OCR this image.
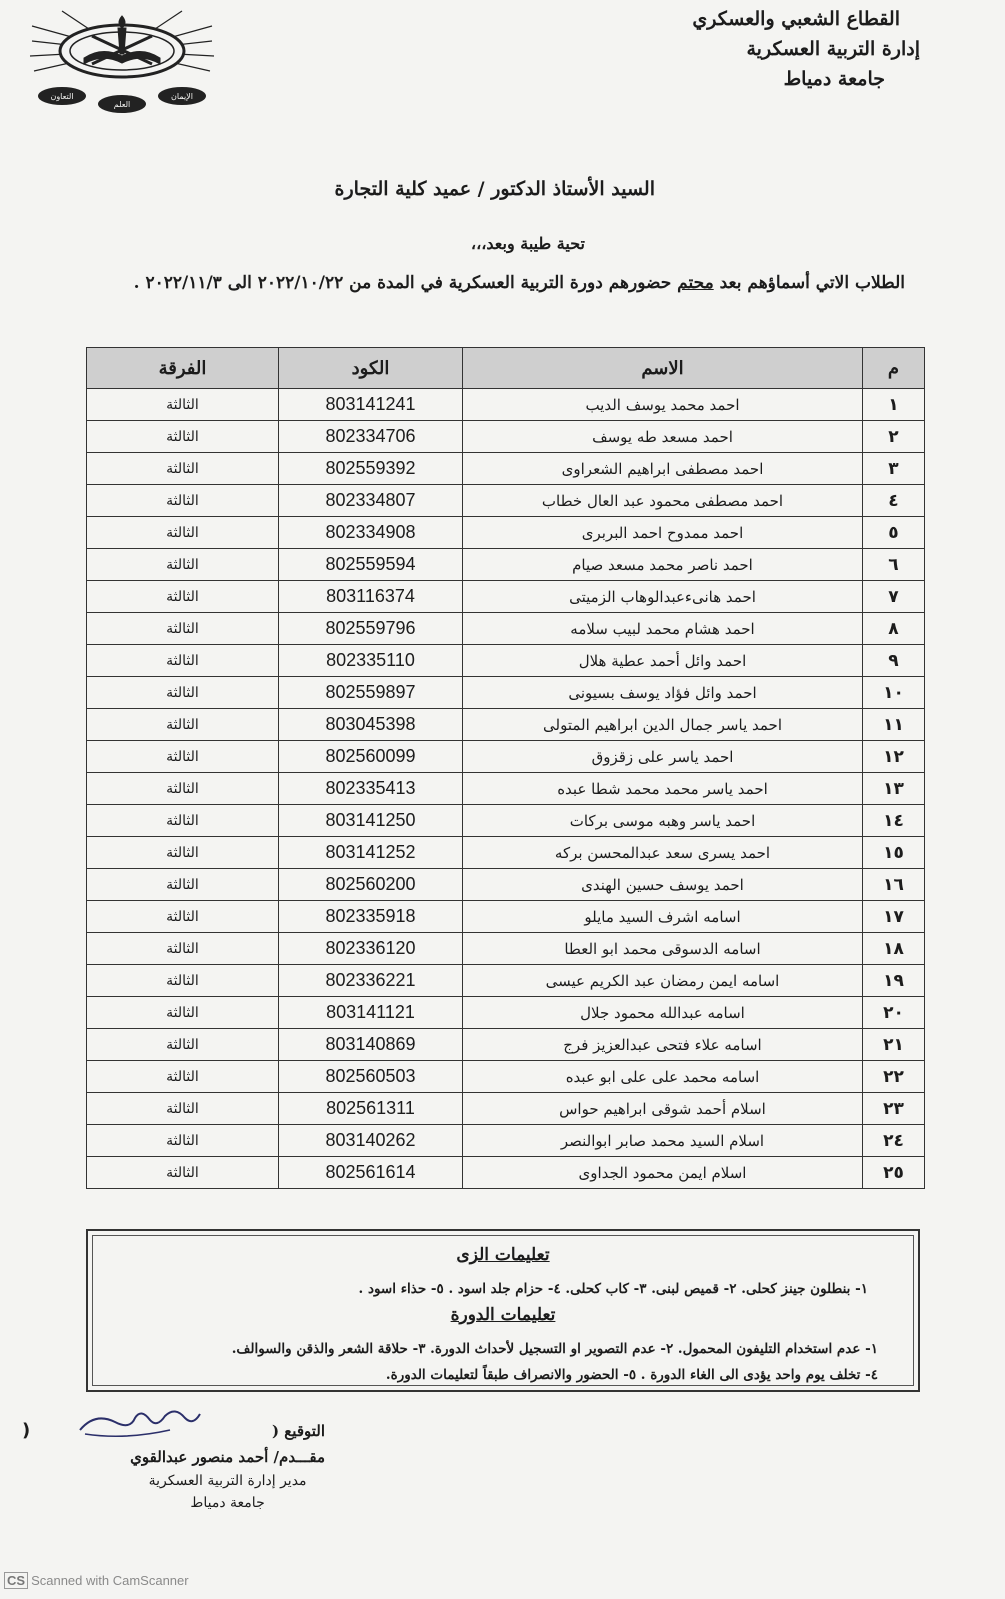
القطاع الشعبي والعسكري
إدارة التربية العسكرية
جامعة دمياط
الإيمان
العلم
التعاون
السيد الأستاذ الدكتور / عميد كلية التجارة
تحية طيبة وبعد،،،
الطلاب الاتي أسماؤهم بعد محتم حضورهم دورة التربية العسكرية في المدة من ٢٠٢٢/١٠/٢٢ الى ٢٠٢٢/١١/٣ .
م	الاسم	الكود	الفرقة
١	احمد محمد يوسف الديب	803141241	الثالثة
٢	احمد مسعد طه يوسف	802334706	الثالثة
٣	احمد مصطفى ابراهيم الشعراوى	802559392	الثالثة
٤	احمد مصطفى محمود عبد العال خطاب	802334807	الثالثة
٥	احمد ممدوح احمد البربرى	802334908	الثالثة
٦	احمد ناصر محمد مسعد صيام	802559594	الثالثة
٧	احمد هانىءعبدالوهاب الزميتى	803116374	الثالثة
٨	احمد هشام محمد لبيب سلامه	802559796	الثالثة
٩	احمد وائل أحمد عطية هلال	802335110	الثالثة
١٠	احمد وائل فؤاد يوسف بسيونى	802559897	الثالثة
١١	احمد ياسر جمال الدين ابراهيم المتولى	803045398	الثالثة
١٢	احمد ياسر على زقزوق	802560099	الثالثة
١٣	احمد ياسر محمد محمد شطا عبده	802335413	الثالثة
١٤	احمد ياسر وهبه موسى بركات	803141250	الثالثة
١٥	احمد يسرى سعد عبدالمحسن بركه	803141252	الثالثة
١٦	احمد يوسف حسين الهندى	802560200	الثالثة
١٧	اسامه اشرف السيد مايلو	802335918	الثالثة
١٨	اسامه الدسوقى محمد ابو العطا	802336120	الثالثة
١٩	اسامه ايمن رمضان عبد الكريم عيسى	802336221	الثالثة
٢٠	اسامه عبدالله محمود جلال	803141121	الثالثة
٢١	اسامه علاء فتحى عبدالعزيز فرج	803140869	الثالثة
٢٢	اسامه محمد على على ابو عبده	802560503	الثالثة
٢٣	اسلام أحمد شوقى ابراهيم حواس	802561311	الثالثة
٢٤	اسلام السيد محمد صابر ابوالنصر	803140262	الثالثة
٢٥	اسلام ايمن محمود الجداوى	802561614	الثالثة
تعليمات الزى
١- بنطلون جينز كحلى. ٢- قميص لبنى. ٣- كاب كحلى. ٤- حزام جلد اسود . ٥- حذاء اسود .
تعليمات الدورة
١- عدم استخدام التليفون المحمول. ٢- عدم التصوير او التسجيل لأحداث الدورة. ٣- حلاقة الشعر والذقن والسوالف.
٤- تخلف يوم واحد يؤدى الى الغاء الدورة . ٥- الحضور والانصراف طبقاً لتعليمات الدورة.
التوقيع (
مقـــدم/ أحمد منصور عبدالقوي
مدير إدارة التربية العسكرية
جامعة دمياط
)
CS Scanned with CamScanner
